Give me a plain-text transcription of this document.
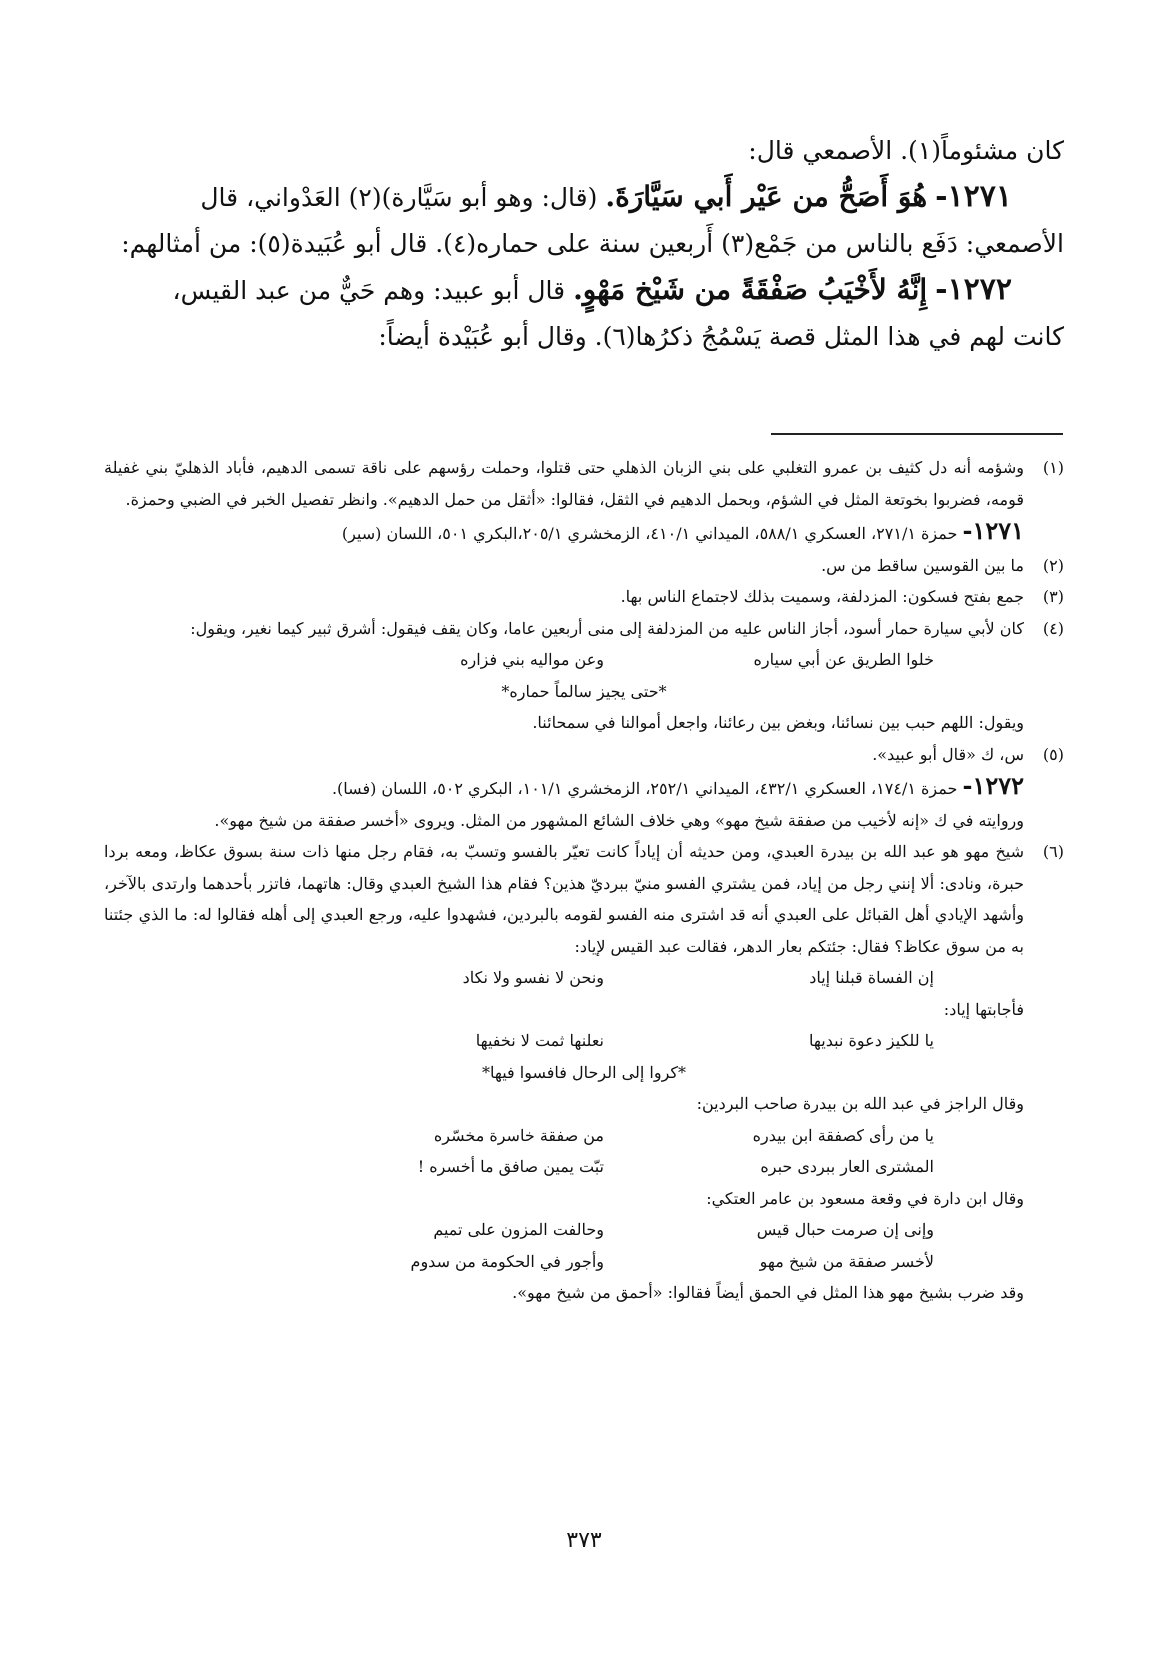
كان مشئوماً(١). الأصمعي قال:

١٢٧١- هُوَ أَصَحُّ من عَيْر أَبي سَيَّارَةَ. (قال: وهو أبو سَيَّارة)(٢) العَدْواني، قال

الأصمعي: دَفَع بالناس من جَمْع(٣) أَربعين سنة على حماره(٤). قال أبو عُبَيدة(٥): من أمثالهم:

١٢٧٢- إِنَّهُ لأَخْيَبُ صَفْقَةً من شَيْخ مَهْوٍ. قال أبو عبيد: وهم حَيٌّ من عبد القيس،

كانت لهم في هذا المثل قصة يَسْمُجُ ذكرُها(٦). وقال أبو عُبَيْدة أيضاً:

(١)
وشؤمه أنه دل كثيف بن عمرو التغلبي على بني الزبان الذهلي حتى قتلوا، وحملت رؤسهم على ناقة تسمى الدهيم، فأباد الذهليّ بني غفيلة قومه، فضربوا بخوتعة المثل في الشؤم، وبحمل الدهيم في الثقل، فقالوا: «أثقل من حمل الدهيم». وانظر تفصيل الخبر في الضبي وحمزة.
١٢٧١- حمزة ٢٧١/١، العسكري ٥٨٨/١، الميداني ٤١٠/١، الزمخشري ٢٠٥/١،البكري ٥٠١، اللسان (سير)
(٢)
ما بين القوسين ساقط من س.
(٣)
جمع بفتح فسكون: المزدلفة، وسميت بذلك لاجتماع الناس بها.
(٤)
كان لأبي سيارة حمار أسود، أجاز الناس عليه من المزدلفة إلى منى أربعين عاما، وكان يقف فيقول: أشرق ثبير كيما نغير، ويقول:
خلوا الطريق عن أبي سياره
وعن مواليه بني فزاره
*حتى يجيز سالماً حماره*
ويقول: اللهم حبب بين نسائنا، وبغض بين رعائنا، واجعل أموالنا في سمحائنا.
(٥)
س، ك «قال أبو عبيد».
١٢٧٢- حمزة ١٧٤/١، العسكري ٤٣٢/١، الميداني ٢٥٢/١، الزمخشري ١٠١/١، البكري ٥٠٢، اللسان (فسا).
وروايته في ك «إنه لأخيب من صفقة شيخ مهو» وهي خلاف الشائع المشهور من المثل. ويروى «أخسر صفقة من شيخ مهو».
(٦)
شيخ مهو هو عبد الله بن بيدرة العبدي، ومن حديثه أن إياداً كانت تعيّر بالفسو وتسبّ به، فقام رجل منها ذات سنة بسوق عكاظ، ومعه بردا حبرة، ونادى: ألا إنني رجل من إياد، فمن يشتري الفسو منيّ ببرديّ هذين؟ فقام هذا الشيخ العبدي وقال: هاتهما، فاتزر بأحدهما وارتدى بالآخر، وأشهد الإيادي أهل القبائل على العبدي أنه قد اشترى منه الفسو لقومه بالبردين، فشهدوا عليه، ورجع العبدي إلى أهله فقالوا له: ما الذي جئتنا به من سوق عكاظ؟ فقال: جئتكم بعار الدهر، فقالت عبد القيس لإياد:
إن الفساة قبلنا إياد
ونحن لا نفسو ولا نكاد
فأجابتها إياد:
يا للكيز دعوة نبديها
نعلنها ثمت لا نخفيها
*كروا إلى الرحال فافسوا فيها*
وقال الراجز في عبد الله بن بيدرة صاحب البردين:
يا من رأى كصفقة ابن بيدره
من صفقة خاسرة مخسّره
المشترى العار ببردى حبره
تبّت يمين صافق ما أخسره !
وقال ابن دارة في وقعة مسعود بن عامر العتكي:
وإنى إن صرمت حبال قيس
وحالفت المزون على تميم
لأخسر صفقة من شيخ مهو
وأجور في الحكومة من سدوم
وقد ضرب بشيخ مهو هذا المثل في الحمق أيضاً فقالوا: «أحمق من شيخ مهو».
٣٧٣
